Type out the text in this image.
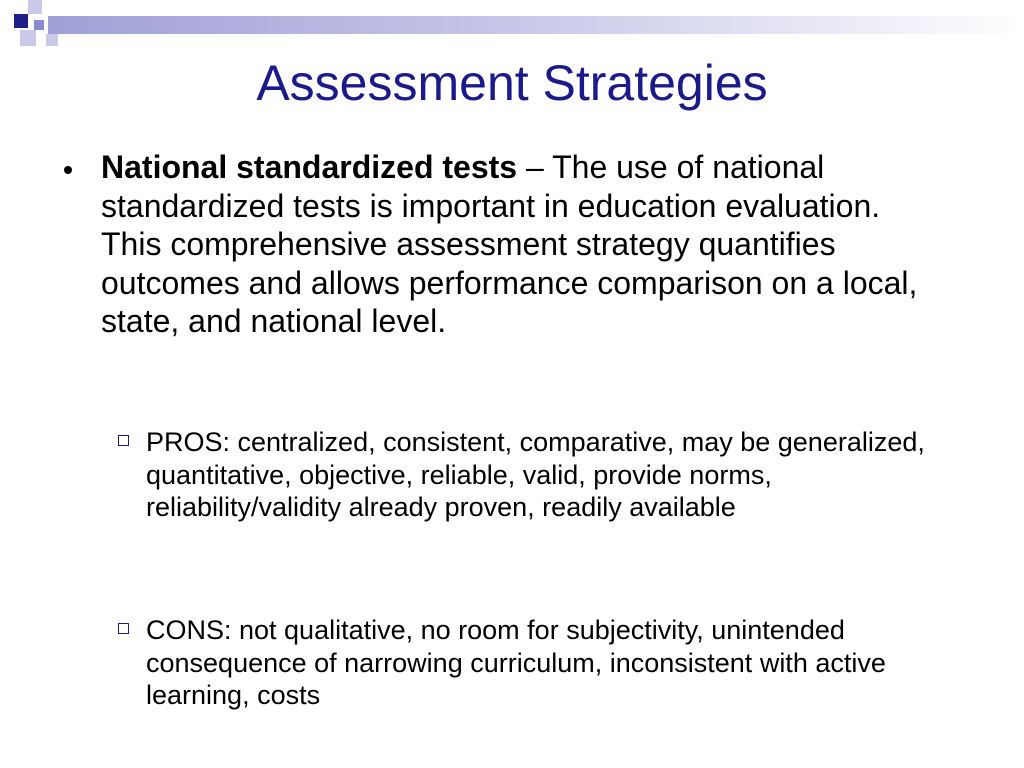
Assessment Strategies
National standardized tests – The use of national standardized tests is important in education evaluation. This comprehensive assessment strategy quantifies outcomes and allows performance comparison on a local, state, and national level.
PROS: centralized, consistent, comparative, may be generalized, quantitative, objective, reliable, valid, provide norms, reliability/validity already proven, readily available
CONS: not qualitative, no room for subjectivity, unintended consequence of narrowing curriculum, inconsistent with active learning, costs
